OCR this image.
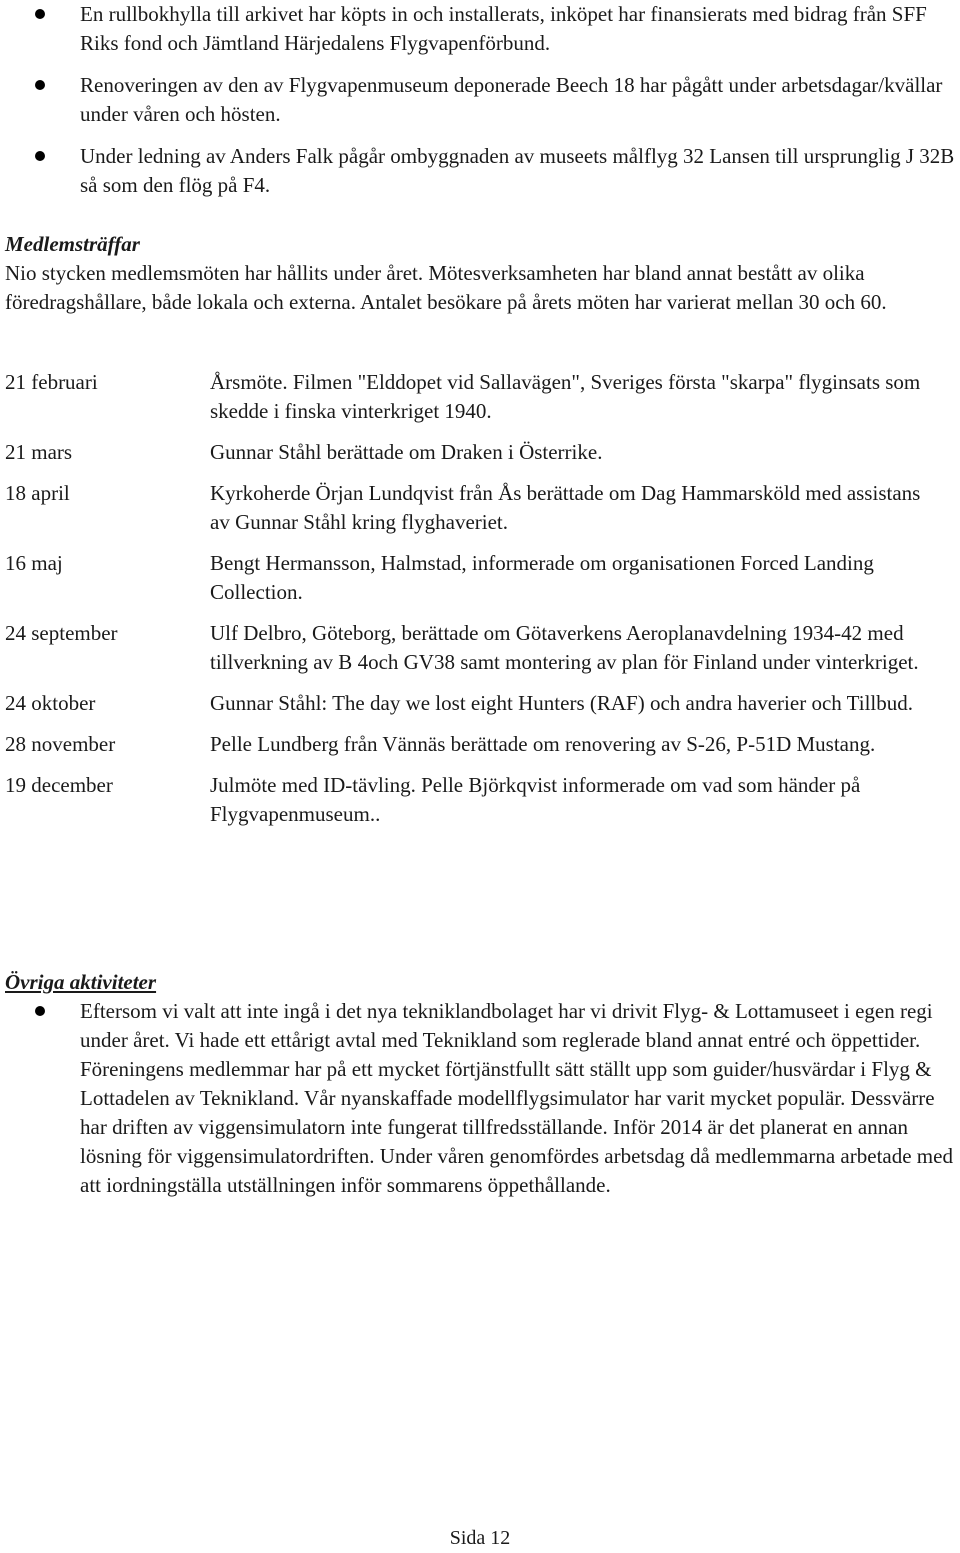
En rullbokhylla till arkivet har köpts in och installerats, inköpet har finansierats med bidrag från SFF Riks fond och Jämtland Härjedalens Flygvapenförbund.

Renoveringen av den av Flygvapenmuseum deponerade Beech 18 har pågått under arbetsdagar/kvällar under våren och hösten.

Under ledning av Anders Falk pågår ombyggnaden av museets målflyg 32 Lansen till ursprunglig J 32B så som den flög på F4.

Medlemsträffar

Nio stycken medlemsmöten har hållits under året. Mötesverksamheten har bland annat bestått av olika föredragshållare, både lokala och externa. Antalet besökare på årets möten har varierat mellan 30 och 60.

21 februari	Årsmöte. Filmen "Elddopet vid Sallavägen", Sveriges första "skarpa" flyginsats som skedde i finska vinterkriget 1940.
21 mars	Gunnar Ståhl berättade om Draken i Österrike.
18 april	Kyrkoherde Örjan Lundqvist från Ås berättade om Dag Hammarsköld med assistans av Gunnar Ståhl kring flyghaveriet.
16 maj	Bengt Hermansson, Halmstad, informerade om organisationen Forced Landing Collection.
24 september	Ulf Delbro, Göteborg, berättade om Götaverkens Aeroplanavdelning 1934-42 med tillverkning av B 4och GV38 samt montering av plan för Finland under vinterkriget.
24 oktober	Gunnar Ståhl: The day we lost eight Hunters (RAF) och andra haverier och Tillbud.
28 november	Pelle Lundberg från Vännäs berättade om renovering av S-26, P-51D Mustang.
19 december	Julmöte med ID-tävling. Pelle Björkqvist informerade om vad som händer på Flygvapenmuseum..
Övriga aktiviteter

Eftersom vi valt att inte ingå i det nya tekniklandbolaget har vi drivit Flyg- & Lottamuseet i egen regi under året. Vi hade ett ettårigt avtal med Teknikland som reglerade bland annat entré och öppettider. Föreningens medlemmar har på ett mycket förtjänstfullt sätt ställt upp som guider/husvärdar i Flyg & Lottadelen av Teknikland. Vår nyanskaffade modellflygsimulator har varit mycket populär. Dessvärre har driften av viggensimulatorn inte fungerat tillfredsställande. Inför 2014 är det planerat en annan lösning för viggensimulatordriften. Under våren genomfördes arbetsdag då medlemmarna arbetade med att iordningställa utställningen inför sommarens öppethållande.

Sida 12
